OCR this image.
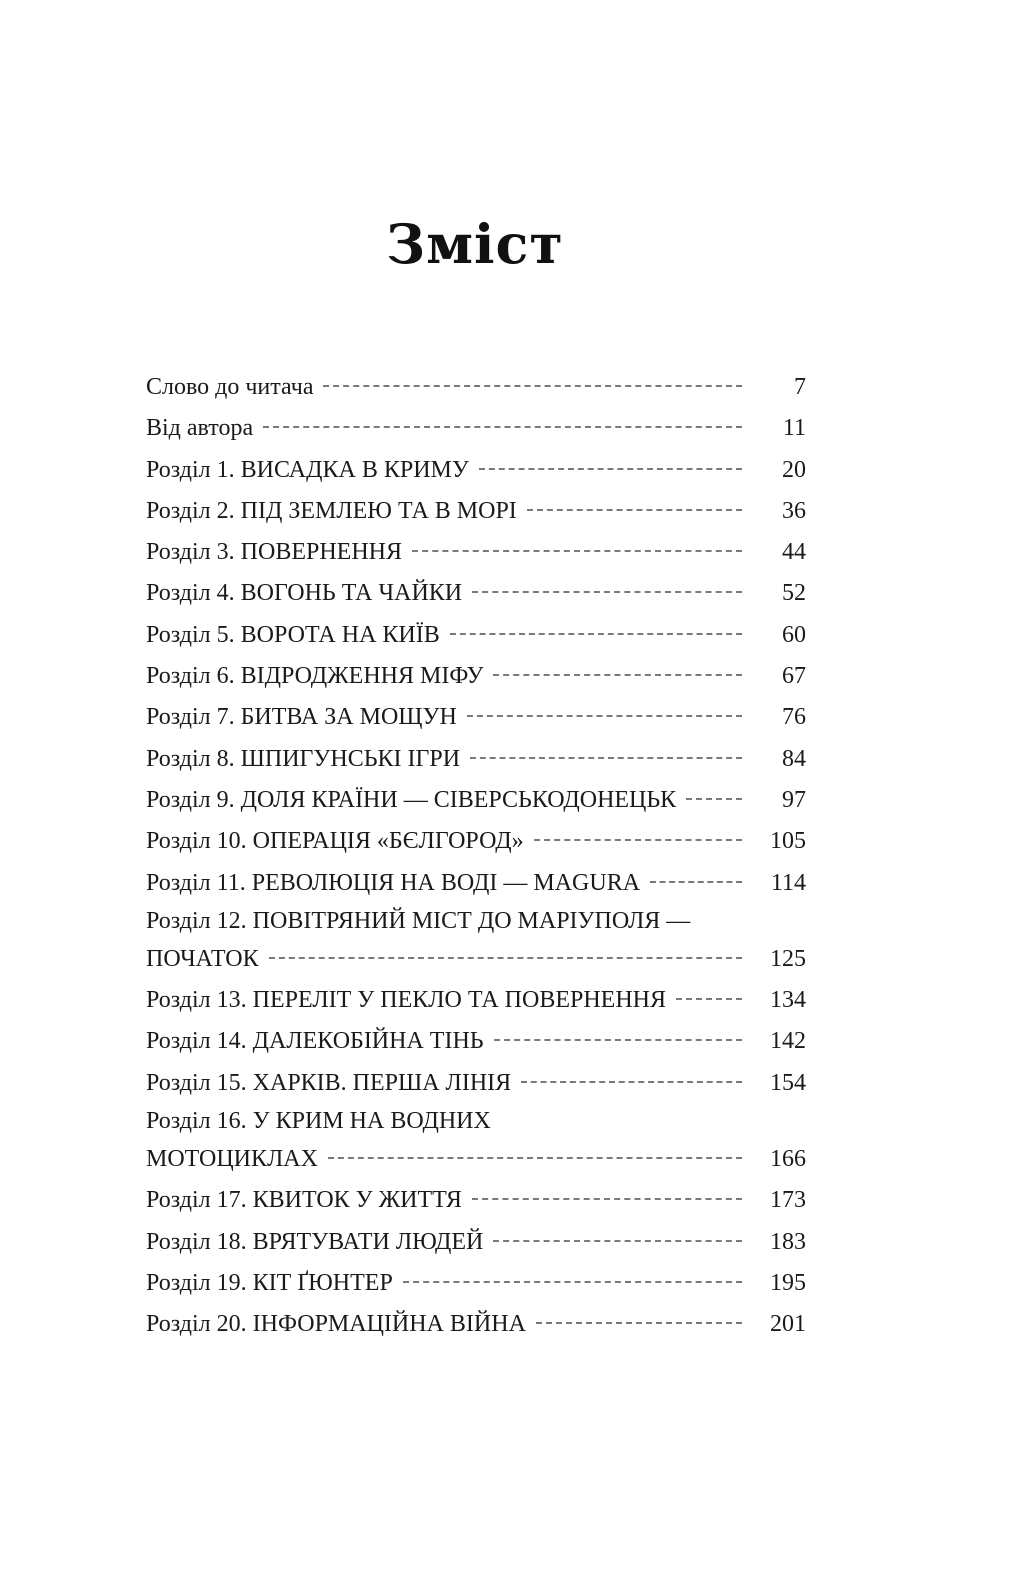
Зміст
Слово до читача	7
Від автора	11
Розділ 1. ВИСАДКА В КРИМУ	20
Розділ 2. ПІД ЗЕМЛЕЮ ТА В МОРІ	36
Розділ 3. ПОВЕРНЕННЯ	44
Розділ 4. ВОГОНЬ ТА ЧАЙКИ	52
Розділ 5. ВОРОТА НА КИЇВ	60
Розділ 6. ВІДРОДЖЕННЯ МІФУ	67
Розділ 7. БИТВА ЗА МОЩУН	76
Розділ 8. ШПИГУНСЬКІ ІГРИ	84
Розділ 9. ДОЛЯ КРАЇНИ — СІВЕРСЬКОДОНЕЦЬК	97
Розділ 10. ОПЕРАЦІЯ «БЄЛГОРОД»	105
Розділ 11. РЕВОЛЮЦІЯ НА ВОДІ — MAGURA	114
Розділ 12. ПОВІТРЯНИЙ МІСТ ДО МАРІУПОЛЯ —
ПОЧАТОК	125
Розділ 13. ПЕРЕЛІТ У ПЕКЛО ТА ПОВЕРНЕННЯ	134
Розділ 14. ДАЛЕКОБІЙНА ТІНЬ	142
Розділ 15. ХАРКІВ. ПЕРША ЛІНІЯ	154
Розділ 16. У КРИМ НА ВОДНИХ
МОТОЦИКЛАХ	166
Розділ 17. КВИТОК У ЖИТТЯ	173
Розділ 18. ВРЯТУВАТИ ЛЮДЕЙ	183
Розділ 19. КІТ ҐЮНТЕР	195
Розділ 20. ІНФОРМАЦІЙНА ВІЙНА	201
